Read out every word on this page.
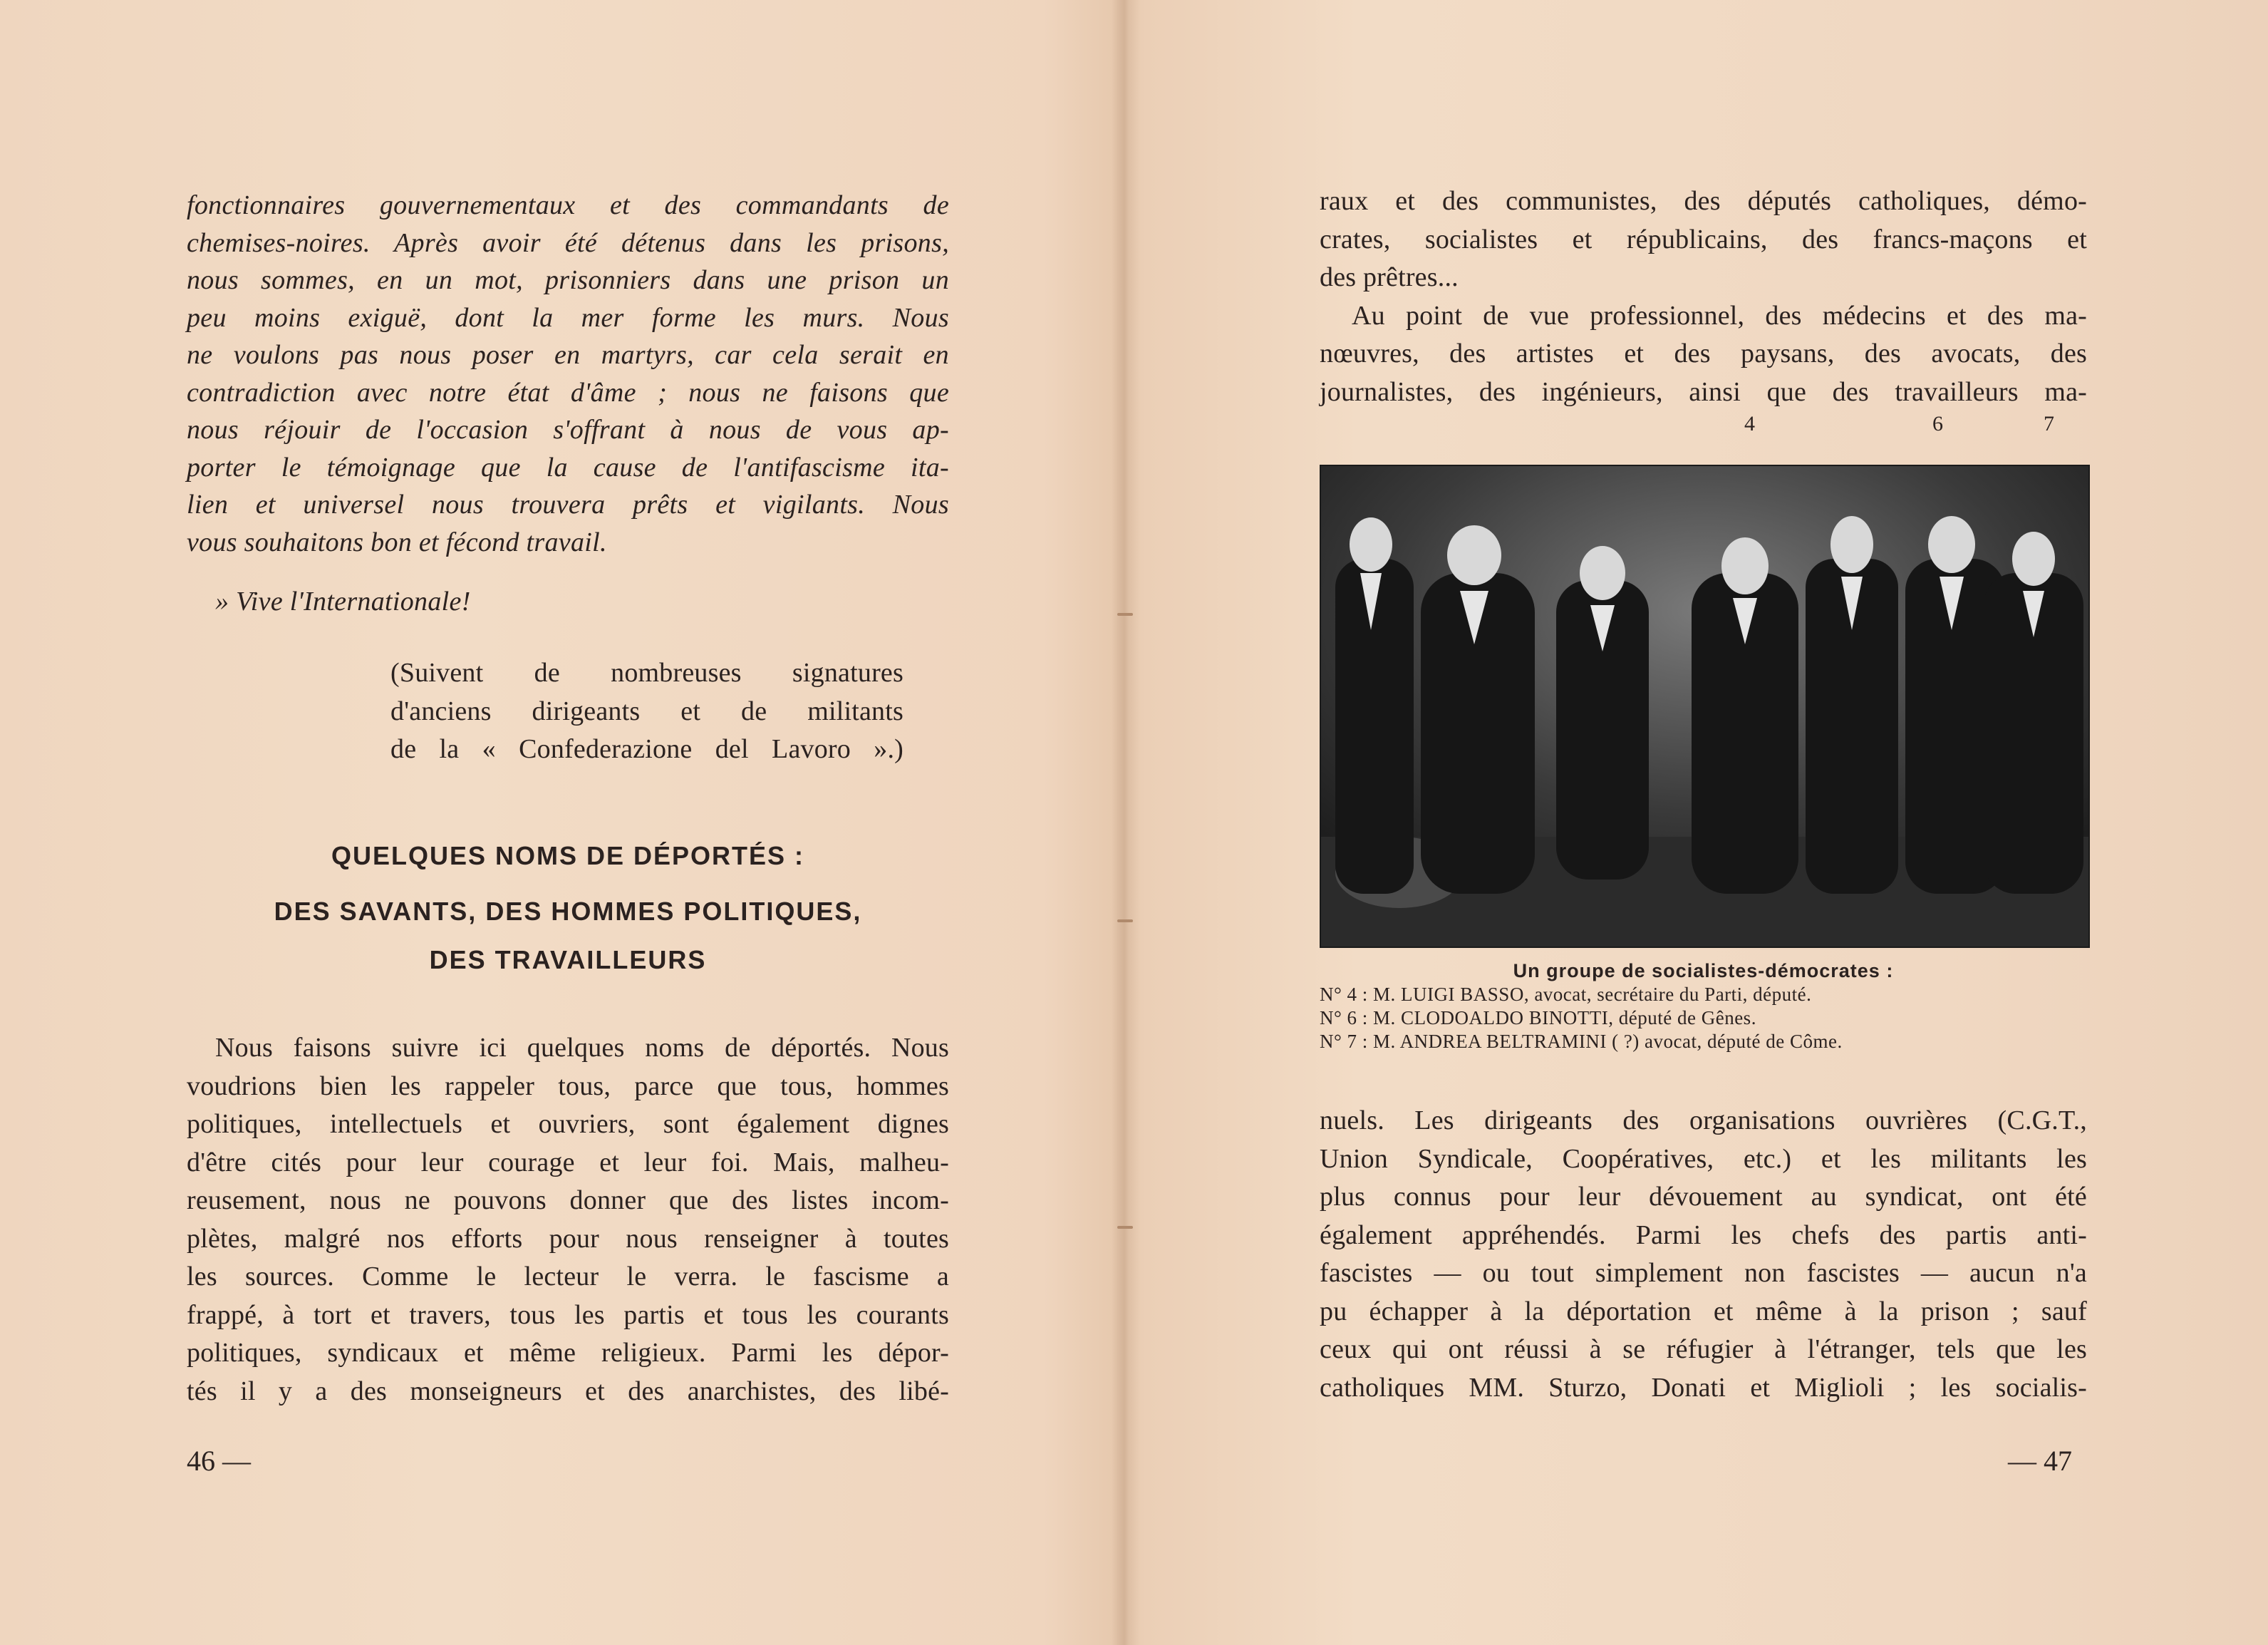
fonctionnaires gouvernementaux et des commandants de
chemises-noires. Après avoir été détenus dans les prisons,
nous sommes, en un mot, prisonniers dans une prison un
peu moins exiguë, dont la mer forme les murs. Nous
ne voulons pas nous poser en martyrs, car cela serait en
contradiction avec notre état d'âme ; nous ne faisons que
nous réjouir de l'occasion s'offrant à nous de vous ap-
porter le témoignage que la cause de l'antifascisme ita-
lien et universel nous trouvera prêts et vigilants. Nous
vous souhaitons bon et fécond travail.
» Vive l'Internationale!
(Suivent de nombreuses signatures
d'anciens dirigeants et de militants
de la « Confederazione del Lavoro ».)
QUELQUES NOMS DE DÉPORTÉS :
DES SAVANTS, DES HOMMES POLITIQUES,
DES TRAVAILLEURS
Nous faisons suivre ici quelques noms de déportés. Nous
voudrions bien les rappeler tous, parce que tous, hommes
politiques, intellectuels et ouvriers, sont également dignes
d'être cités pour leur courage et leur foi. Mais, malheu-
reusement, nous ne pouvons donner que des listes incom-
plètes, malgré nos efforts pour nous renseigner à toutes
les sources. Comme le lecteur le verra. le fascisme a
frappé, à tort et travers, tous les partis et tous les courants
politiques, syndicaux et même religieux. Parmi les dépor-
tés il y a des monseigneurs et des anarchistes, des libé-
46 —
raux et des communistes, des députés catholiques, démo-
crates, socialistes et républicains, des francs-maçons et
des prêtres...
Au point de vue professionnel, des médecins et des ma-
nœuvres, des artistes et des paysans, des avocats, des
journalistes, des ingénieurs, ainsi que des travailleurs ma-
4	6	7
Un groupe de socialistes-démocrates :
N° 4 : M. LUIGI BASSO, avocat, secrétaire du Parti, député.
N° 6 : M. CLODOALDO BINOTTI, député de Gênes.
N° 7 : M. ANDREA BELTRAMINI ( ?) avocat, député de Côme.
nuels. Les dirigeants des organisations ouvrières (C.G.T.,
Union Syndicale, Coopératives, etc.) et les militants les
plus connus pour leur dévouement au syndicat, ont été
également appréhendés. Parmi les chefs des partis anti-
fascistes — ou tout simplement non fascistes — aucun n'a
pu échapper à la déportation et même à la prison ; sauf
ceux qui ont réussi à se réfugier à l'étranger, tels que les
catholiques MM. Sturzo, Donati et Miglioli ; les socialis-
— 47
